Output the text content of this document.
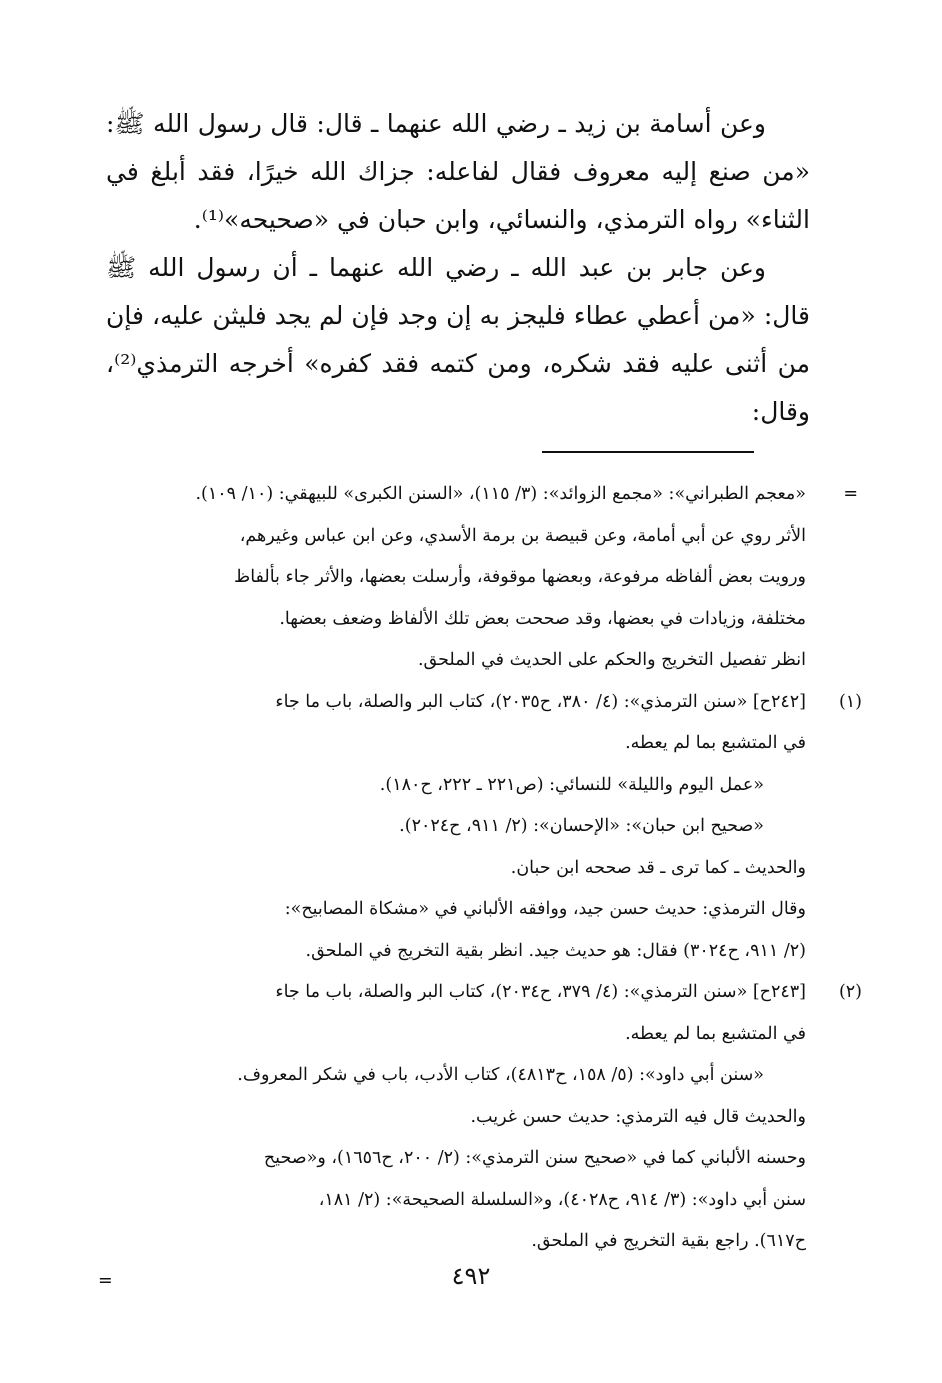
وعن أسامة بن زيد ـ رضي الله عنهما ـ قال: قال رسول الله ﷺ: «من صنع إليه معروف فقال لفاعله: جزاك الله خيرًا، فقد أبلغ في الثناء» رواه الترمذي، والنسائي، وابن حبان في «صحيحه»⁽¹⁾.

وعن جابر بن عبد الله ـ رضي الله عنهما ـ أن رسول الله ﷺ قال: «من أعطي عطاء فليجز به إن وجد فإن لم يجد فليثن عليه، فإن من أثنى عليه فقد شكره، ومن كتمه فقد كفره» أخرجه الترمذي⁽²⁾، وقال:

=
«معجم الطبراني»: «مجمع الزوائد»: (٣/ ١١٥)، «السنن الكبرى» للبيهقي: (١٠/ ١٠٩).
الأثر روي عن أبي أمامة، وعن قبيصة بن برمة الأسدي، وعن ابن عباس وغيرهم،
ورويت بعض ألفاظه مرفوعة، وبعضها موقوفة، وأرسلت بعضها، والأثر جاء بألفاظ
مختلفة، وزيادات في بعضها، وقد صححت بعض تلك الألفاظ وضعف بعضها.
انظر تفصيل التخريج والحكم على الحديث في الملحق.
(١)
[٢٤٢ح] «سنن الترمذي»: (٤/ ٣٨٠، ح٢٠٣٥)، كتاب البر والصلة، باب ما جاء
في المتشبع بما لم يعطه.
«عمل اليوم والليلة» للنسائي: (ص٢٢١ ـ ٢٢٢، ح١٨٠).
«صحيح ابن حبان»: «الإحسان»: (٢/ ٩١١، ح٢٠٢٤).
والحديث ـ كما ترى ـ قد صححه ابن حبان.
وقال الترمذي: حديث حسن جيد، ووافقه الألباني في «مشكاة المصابيح»:
(٢/ ٩١١، ح٣٠٢٤) فقال: هو حديث جيد. انظر بقية التخريج في الملحق.
(٢)
[٢٤٣ح] «سنن الترمذي»: (٤/ ٣٧٩، ح٢٠٣٤)، كتاب البر والصلة، باب ما جاء
في المتشبع بما لم يعطه.
«سنن أبي داود»: (٥/ ١٥٨، ح٤٨١٣)، كتاب الأدب، باب في شكر المعروف.
والحديث قال فيه الترمذي: حديث حسن غريب.
وحسنه الألباني كما في «صحيح سنن الترمذي»: (٢/ ٢٠٠، ح١٦٥٦)، و«صحيح
سنن أبي داود»: (٣/ ٩١٤، ح٤٠٢٨)، و«السلسلة الصحيحة»: (٢/ ١٨١،
ح٦١٧). راجع بقية التخريج في الملحق.
=	٤٩٢
